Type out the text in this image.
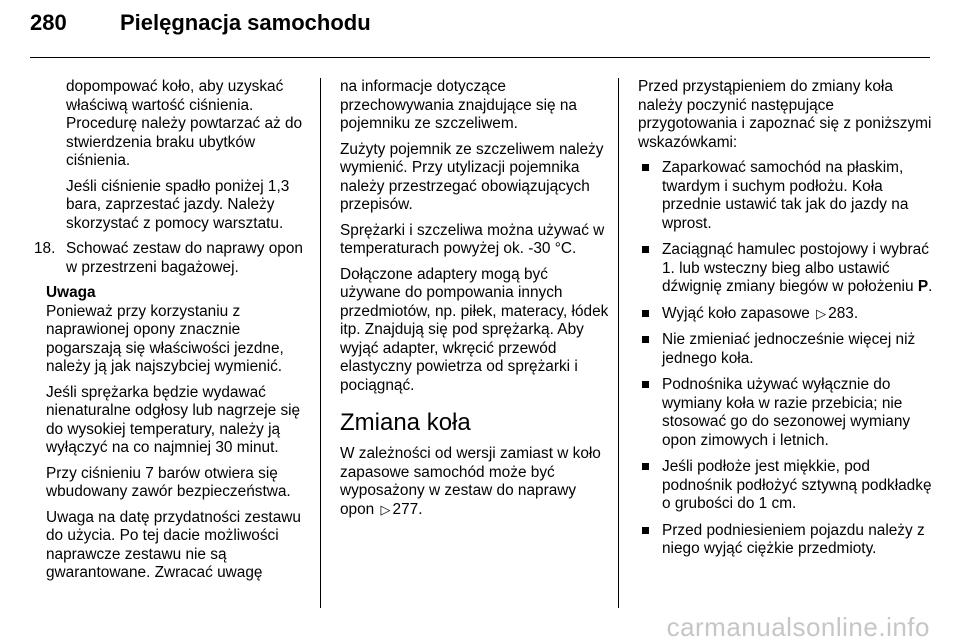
280 Pielęgnacja samochodu

dopompować koło, aby uzyskać właściwą wartość ciśnienia. Procedurę należy powtarzać aż do stwierdzenia braku ubytków ciśnienia.

Jeśli ciśnienie spadło poniżej 1,3 bara, zaprzestać jazdy. Należy skorzystać z pomocy warsztatu.

18. Schować zestaw do naprawy opon w przestrzeni bagażowej.
Uwaga

Ponieważ przy korzystaniu z naprawionej opony znacznie pogarszają się właściwości jezdne, należy ją jak najszybciej wymienić.

Jeśli sprężarka będzie wydawać nienaturalne odgłosy lub nagrzeje się do wysokiej temperatury, należy ją wyłączyć na co najmniej 30 minut.

Przy ciśnieniu 7 barów otwiera się wbudowany zawór bezpieczeństwa.

Uwaga na datę przydatności zestawu do użycia. Po tej dacie możliwości naprawcze zestawu nie są gwarantowane. Zwracać uwagę

na informacje dotyczące przechowywania znajdujące się na pojemniku ze szczeliwem.

Zużyty pojemnik ze szczeliwem należy wymienić. Przy utylizacji pojemnika należy przestrzegać obowiązujących przepisów.

Sprężarki i szczeliwa można używać w temperaturach powyżej ok. -30 °C.

Dołączone adaptery mogą być używane do pompowania innych przedmiotów, np. piłek, materacy, łódek itp. Znajdują się pod sprężarką. Aby wyjąć adapter, wkręcić przewód elastyczny powietrza od sprężarki i pociągnąć.

Zmiana koła

W zależności od wersji zamiast w koło zapasowe samochód może być wyposażony w zestaw do naprawy opon ▷ 277.

Przed przystąpieniem do zmiany koła należy poczynić następujące przygotowania i zapoznać się z poniższymi wskazówkami:

Zaparkować samochód na płaskim, twardym i suchym podłożu. Koła przednie ustawić tak jak do jazdy na wprost.
Zaciągnąć hamulec postojowy i wybrać 1. lub wsteczny bieg albo ustawić dźwignię zmiany biegów w położeniu P.
Wyjąć koło zapasowe ▷ 283.
Nie zmieniać jednocześnie więcej niż jednego koła.
Podnośnika używać wyłącznie do wymiany koła w razie przebicia; nie stosować go do sezonowej wymiany opon zimowych i letnich.
Jeśli podłoże jest miękkie, pod podnośnik podłożyć sztywną podkładkę o grubości do 1 cm.
Przed podniesieniem pojazdu należy z niego wyjąć ciężkie przedmioty.
carmanualsonline.info
